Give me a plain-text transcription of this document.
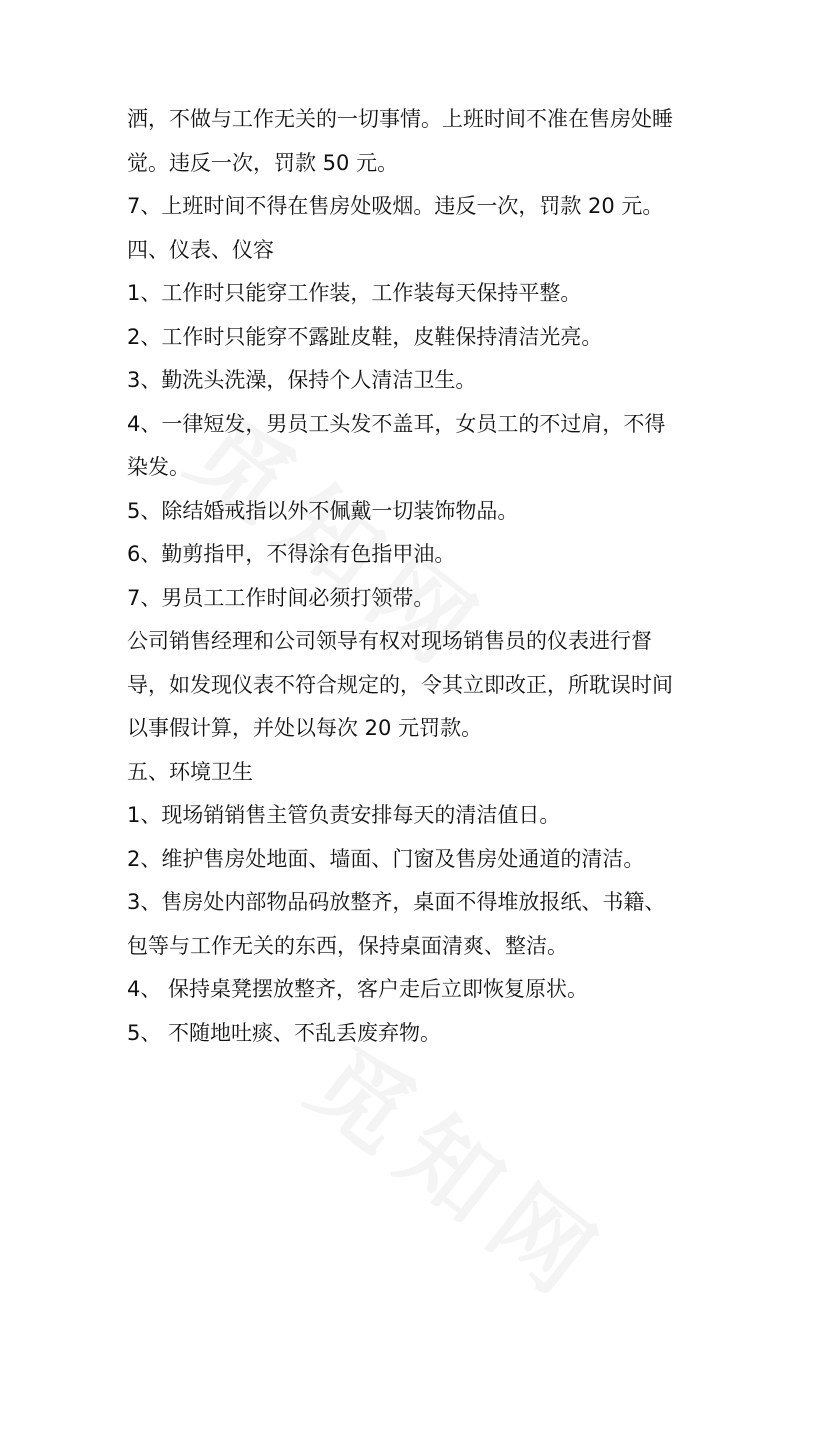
洒，不做与工作无关的一切事情。上班时间不准在售房处睡

觉。违反一次，罚款 50 元。

7、上班时间不得在售房处吸烟。违反一次，罚款 20 元。

四、仪表、仪容

1、工作时只能穿工作装，工作装每天保持平整。

2、工作时只能穿不露趾皮鞋，皮鞋保持清洁光亮。

3、勤洗头洗澡，保持个人清洁卫生。

4、一律短发，男员工头发不盖耳，女员工的不过肩，不得

染发。

5、除结婚戒指以外不佩戴一切装饰物品。

6、勤剪指甲，不得涂有色指甲油。

7、男员工工作时间必须打领带。

公司销售经理和公司领导有权对现场销售员的仪表进行督

导，如发现仪表不符合规定的，令其立即改正，所耽误时间

以事假计算，并处以每次 20 元罚款。

五、环境卫生

1、现场销销售主管负责安排每天的清洁值日。

2、维护售房处地面、墙面、门窗及售房处通道的清洁。

3、售房处内部物品码放整齐，桌面不得堆放报纸、书籍、

包等与工作无关的东西，保持桌面清爽、整洁。

4、 保持桌凳摆放整齐，客户走后立即恢复原状。

5、 不随地吐痰、不乱丢废弃物。
